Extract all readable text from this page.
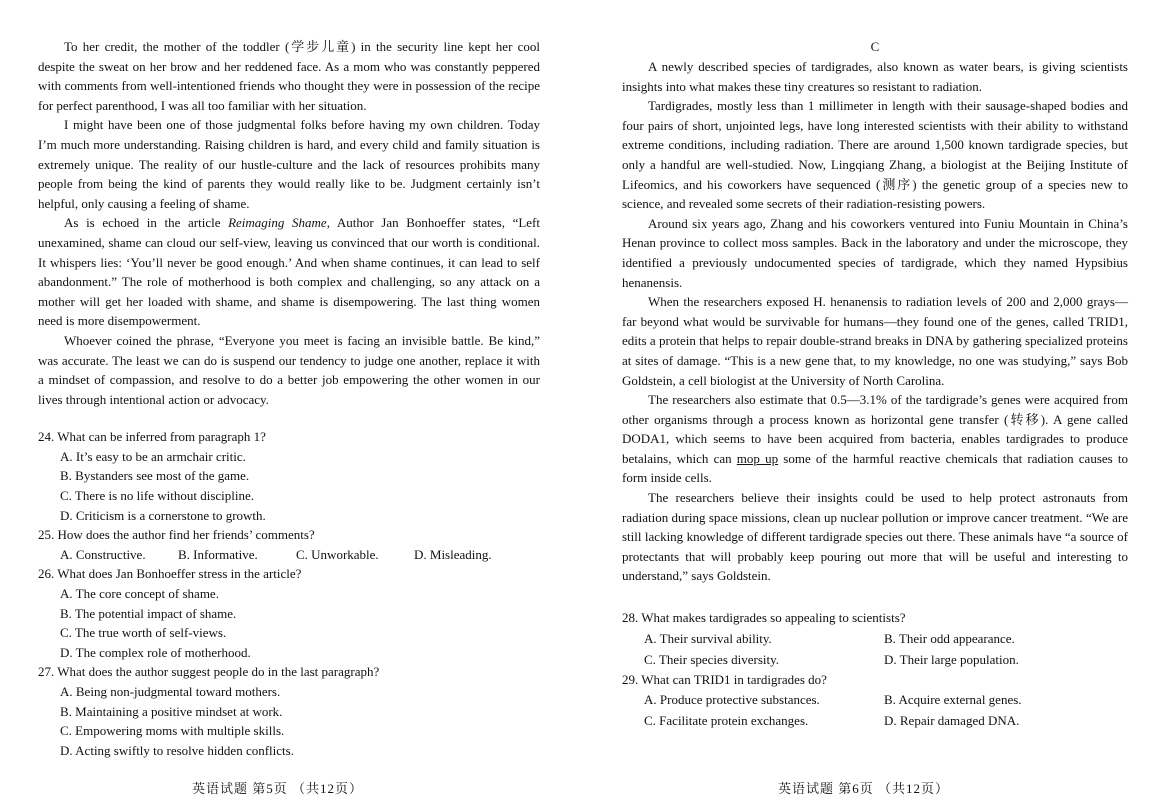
To her credit, the mother of the toddler (学步儿童) in the security line kept her cool despite the sweat on her brow and her reddened face. As a mom who was constantly peppered with comments from well-intentioned friends who thought they were in possession of the recipe for perfect parenthood, I was all too familiar with her situation.

I might have been one of those judgmental folks before having my own children. Today I’m much more understanding. Raising children is hard, and every child and family situation is extremely unique. The reality of our hustle-culture and the lack of resources prohibits many people from being the kind of parents they would really like to be. Judgment certainly isn’t helpful, only causing a feeling of shame.

As is echoed in the article Reimaging Shame, Author Jan Bonhoeffer states, “Left unexamined, shame can cloud our self-view, leaving us convinced that our worth is conditional. It whispers lies: ‘You’ll never be good enough.’ And when shame continues, it can lead to self abandonment.” The role of motherhood is both complex and challenging, so any attack on a mother will get her loaded with shame, and shame is disempowering. The last thing women need is more disempowerment.

Whoever coined the phrase, “Everyone you meet is facing an invisible battle. Be kind,” was accurate. The least we can do is suspend our tendency to judge one another, replace it with a mindset of compassion, and resolve to do a better job empowering the other women in our lives through intentional action or advocacy.

24. What can be inferred from paragraph 1?
A. It’s easy to be an armchair critic.
B. Bystanders see most of the game.
C. There is no life without discipline.
D. Criticism is a cornerstone to growth.
25. How does the author find her friends’ comments?
A. Constructive.	B. Informative.	C. Unworkable.	D. Misleading.
26. What does Jan Bonhoeffer stress in the article?
A. The core concept of shame.
B. The potential impact of shame.
C. The true worth of self-views.
D. The complex role of motherhood.
27. What does the author suggest people do in the last paragraph?
A. Being non-judgmental toward mothers.
B. Maintaining a positive mindset at work.
C. Empowering moms with multiple skills.
D. Acting swiftly to resolve hidden conflicts.
英语试题 第5页 （共12页）
C

A newly described species of tardigrades, also known as water bears, is giving scientists insights into what makes these tiny creatures so resistant to radiation.

Tardigrades, mostly less than 1 millimeter in length with their sausage-shaped bodies and four pairs of short, unjointed legs, have long interested scientists with their ability to withstand extreme conditions, including radiation. There are around 1,500 known tardigrade species, but only a handful are well-studied. Now, Lingqiang Zhang, a biologist at the Beijing Institute of Lifeomics, and his coworkers have sequenced (测序) the genetic group of a species new to science, and revealed some secrets of their radiation-resisting powers.

Around six years ago, Zhang and his coworkers ventured into Funiu Mountain in China’s Henan province to collect moss samples. Back in the laboratory and under the microscope, they identified a previously undocumented species of tardigrade, which they named Hypsibius henanensis.

When the researchers exposed H. henanensis to radiation levels of 200 and 2,000 grays—far beyond what would be survivable for humans—they found one of the genes, called TRID1, edits a protein that helps to repair double-strand breaks in DNA by gathering specialized proteins at sites of damage. “This is a new gene that, to my knowledge, no one was studying,” says Bob Goldstein, a cell biologist at the University of North Carolina.

The researchers also estimate that 0.5—3.1% of the tardigrade’s genes were acquired from other organisms through a process known as horizontal gene transfer (转移). A gene called DODA1, which seems to have been acquired from bacteria, enables tardigrades to produce betalains, which can mop up some of the harmful reactive chemicals that radiation causes to form inside cells.

The researchers believe their insights could be used to help protect astronauts from radiation during space missions, clean up nuclear pollution or improve cancer treatment. “We are still lacking knowledge of different tardigrade species out there. These animals have “a source of protectants that will probably keep pouring out more that will be useful and interesting to understand,” says Goldstein.

28. What makes tardigrades so appealing to scientists?
A. Their survival ability.	B. Their odd appearance.
C. Their species diversity.	D. Their large population.
29. What can TRID1 in tardigrades do?
A. Produce protective substances.	B. Acquire external genes.
C. Facilitate protein exchanges.	D. Repair damaged DNA.
英语试题 第6页 （共12页）
